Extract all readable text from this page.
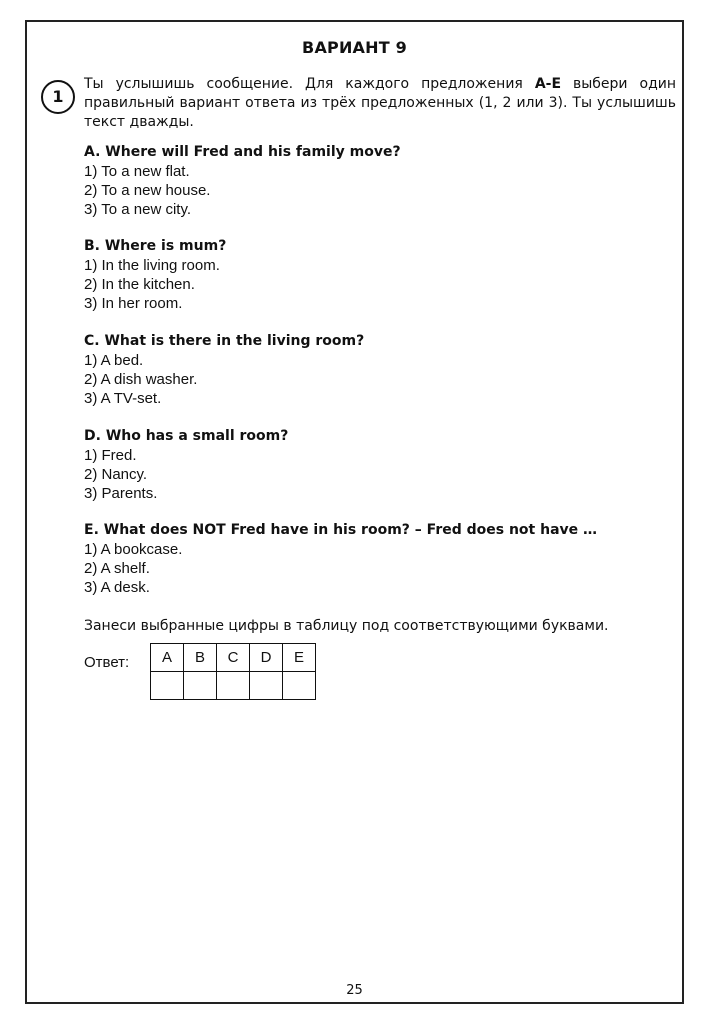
ВАРИАНТ 9
1
Ты услышишь сообщение. Для каждого предложения А-Е выбери один правильный вариант ответа из трёх предложенных (1, 2 или 3). Ты услышишь текст дважды.
A. Where will Fred and his family move?
1) To a new flat.
2) To a new house.
3) To a new city.
B. Where is mum?
1) In the living room.
2) In the kitchen.
3) In her room.
C. What is there in the living room?
1) A bed.
2) A dish washer.
3) A TV-set.
D. Who has a small room?
1) Fred.
2) Nancy.
3) Parents.
E. What does NOT Fred have in his room? – Fred does not have …
1) A bookcase.
2) A shelf.
3) A desk.
Занеси выбранные цифры в таблицу под соответствующими буквами.
Ответ: A	B	C	D	E

25
